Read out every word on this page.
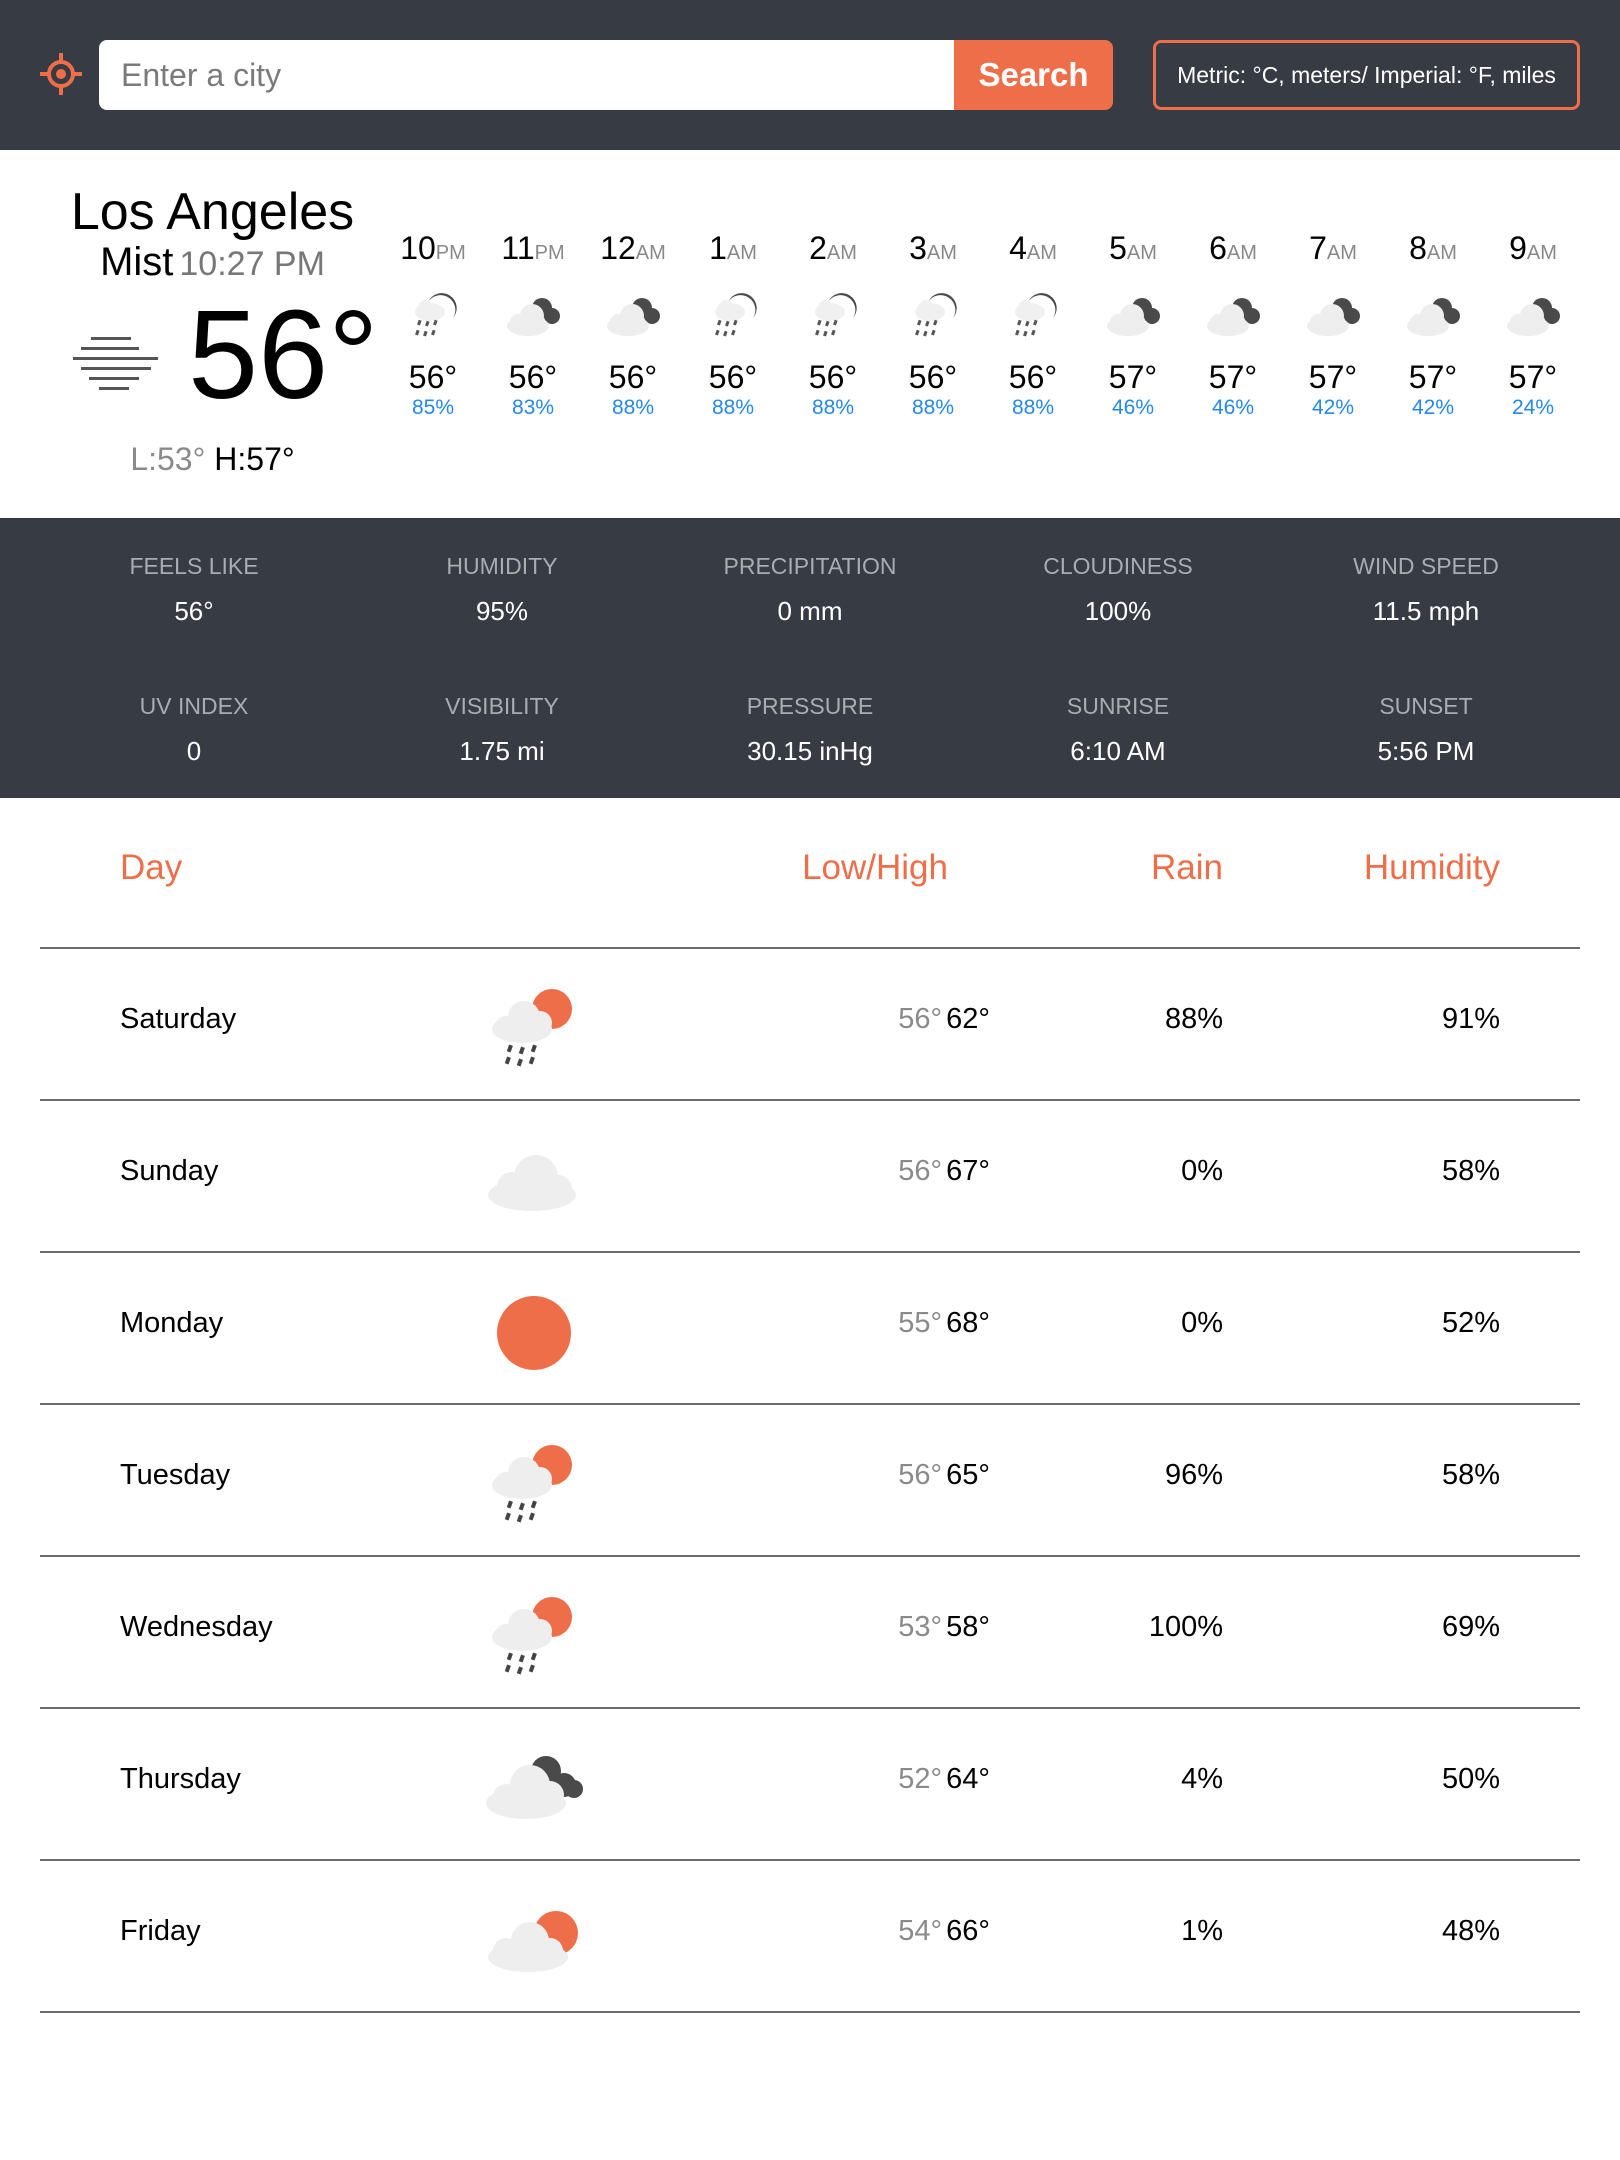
Enter a city
Search	Metric: °C, meters/ Imperial: °F, miles
Los Angeles
Mist 10:27 PM
56°
L:53° H:57°
10PM
56°
85%
11PM
56°
83%
12AM
56°
88%
1AM
56°
88%
2AM
56°
88%
3AM
56°
88%
4AM
56°
88%
5AM
57°
46%
6AM
57°
46%
7AM
57°
42%
8AM
57°
42%
9AM
57°
24%
FEELS LIKE
56°
HUMIDITY
95%
PRECIPITATION
0 mm
CLOUDINESS
100%
WIND SPEED
11.5 mph
UV INDEX
0
VISIBILITY
1.75 mi
PRESSURE
30.15 inHg
SUNRISE
6:10 AM
SUNSET
5:56 PM
Day	Low/High	Rain	Humidity
Saturday	56° 62°	88%	91%
Sunday	56° 67°	0%	58%
Monday	55° 68°	0%	52%
Tuesday	56° 65°	96%	58%
Wednesday	53° 58°	100%	69%
Thursday	52° 64°	4%	50%
Friday	54° 66°	1%	48%
